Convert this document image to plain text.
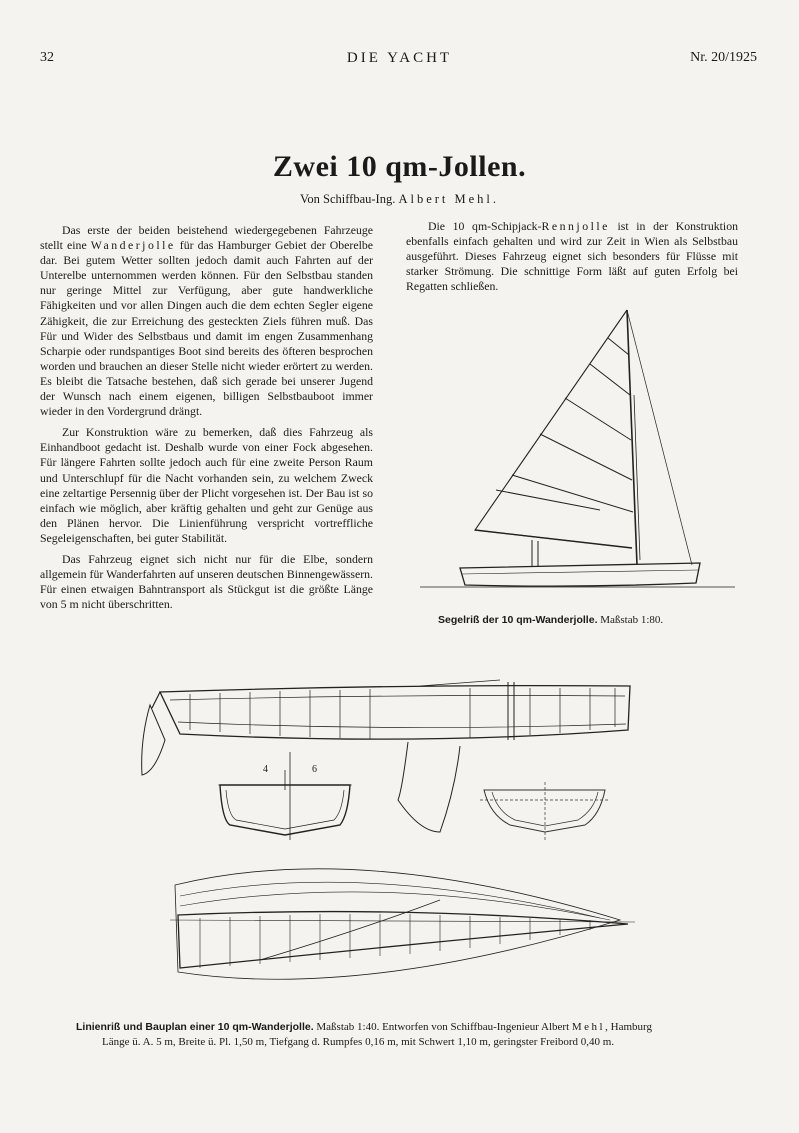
32	DIE YACHT	Nr. 20/1925
Zwei 10 qm-Jollen.
Von Schiffbau-Ing. Albert Mehl.

Das erste der beiden beistehend wiedergegebenen Fahrzeuge stellt eine Wanderjolle für das Hamburger Gebiet der Oberelbe dar. Bei gutem Wetter sollten jedoch damit auch Fahrten auf der Unterelbe unternommen werden können. Für den Selbstbau standen nur geringe Mittel zur Verfügung, aber gute handwerkliche Fähigkeiten und vor allen Dingen auch die dem echten Segler eigene Zähigkeit, die zur Erreichung des gesteckten Ziels führen muß. Das Für und Wider des Selbstbaus und damit im engen Zusammenhang Scharpie oder rundspantiges Boot sind bereits des öfteren besprochen worden und brauchen an dieser Stelle nicht wieder erörtert zu werden. Es bleibt die Tatsache bestehen, daß sich gerade bei unserer Jugend der Wunsch nach einem eigenen, billigen Selbstbauboot immer wieder in den Vordergrund drängt.

Zur Konstruktion wäre zu bemerken, daß dies Fahrzeug als Einhandboot gedacht ist. Deshalb wurde von einer Fock abgesehen. Für längere Fahrten sollte jedoch auch für eine zweite Person Raum und Unterschlupf für die Nacht vorhanden sein, zu welchem Zweck eine zeltartige Persennig über der Plicht vorgesehen ist. Der Bau ist so einfach wie möglich, aber kräftig gehalten und geht zur Genüge aus den Plänen hervor. Die Linienführung verspricht vortreffliche Segeleigenschaften, bei guter Stabilität.

Das Fahrzeug eignet sich nicht nur für die Elbe, sondern allgemein für Wanderfahrten auf unseren deutschen Binnengewässern. Für einen etwaigen Bahntransport als Stückgut ist die größte Länge von 5 m nicht überschritten.

Die 10 qm-Schipjack-Rennjolle ist in der Konstruktion ebenfalls einfach gehalten und wird zur Zeit in Wien als Selbstbau ausgeführt. Dieses Fahrzeug eignet sich besonders für Flüsse mit starker Strömung. Die schnittige Form läßt auf guten Erfolg bei Regatten schließen.

4	6
Segelriß der 10 qm-Wanderjolle. Maßstab 1:80.
Linienriß und Bauplan einer 10 qm-Wanderjolle. Maßstab 1:40. Entworfen von Schiffbau-Ingenieur Albert Mehl, Hamburg
Länge ü. A. 5 m, Breite ü. Pl. 1,50 m, Tiefgang d. Rumpfes 0,16 m, mit Schwert 1,10 m, geringster Freibord 0,40 m.
